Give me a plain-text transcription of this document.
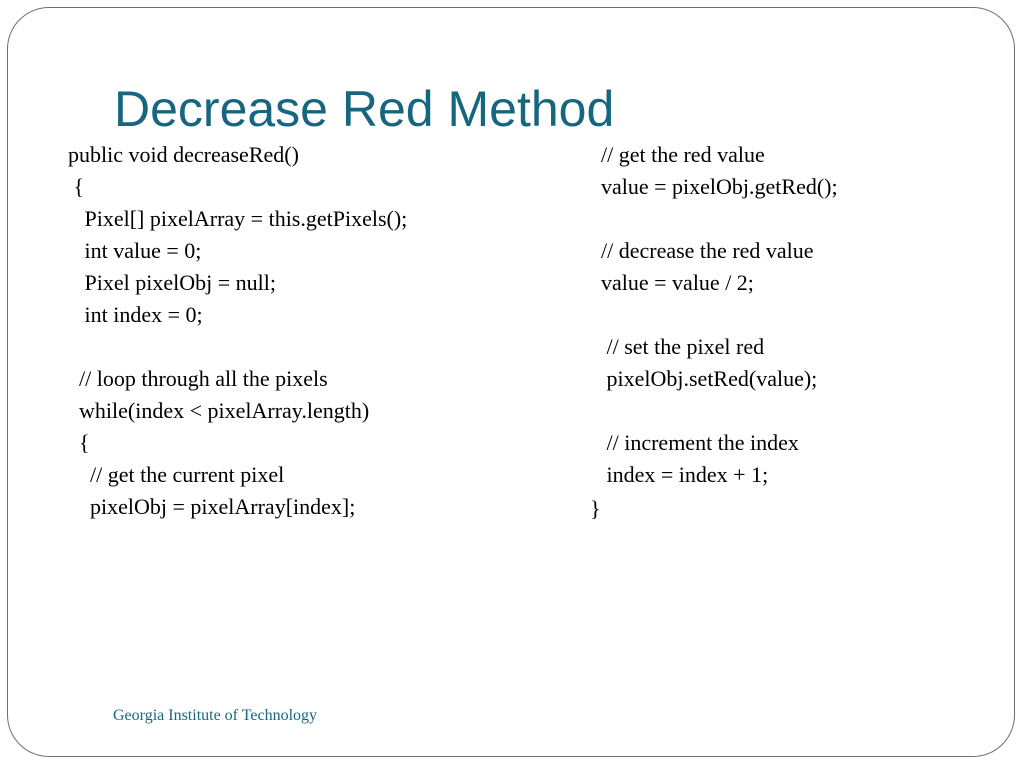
Decrease Red Method

public void decreaseRed()

{

Pixel[] pixelArray = this.getPixels();

int value = 0;

Pixel pixelObj = null;

int index = 0;

// loop through all the pixels

while(index < pixelArray.length)

{

// get the current pixel

pixelObj = pixelArray[index];

// get the red value

value = pixelObj.getRed();

// decrease the red value

value = value / 2;

// set the pixel red

pixelObj.setRed(value);

// increment the index

index = index + 1;

}

Georgia Institute of Technology
